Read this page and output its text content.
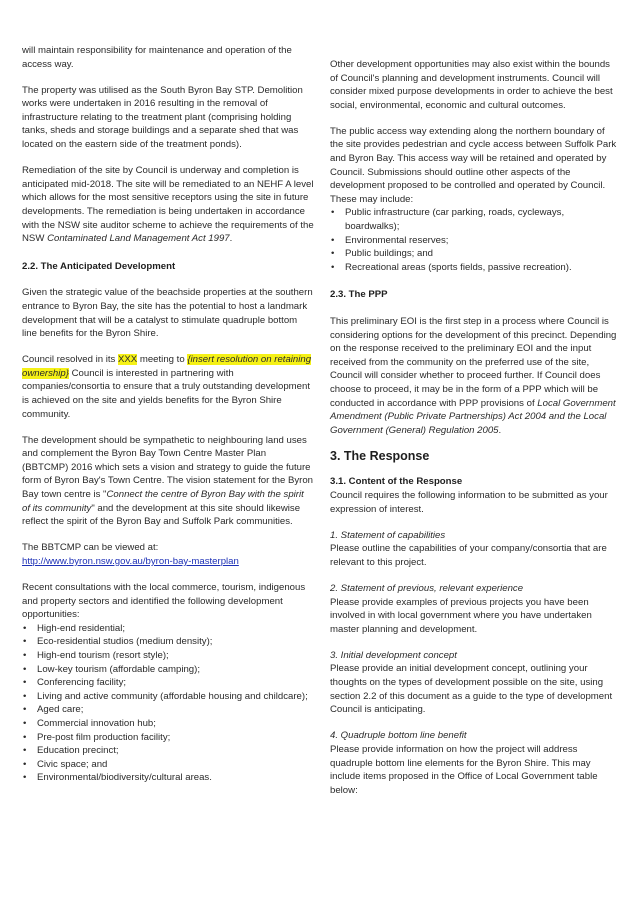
will maintain responsibility for maintenance and operation of the access way.

The property was utilised as the South Byron Bay STP. Demolition works were undertaken in 2016 resulting in the removal of infrastructure relating to the treatment plant (comprising holding tanks, sheds and storage buildings and a separate shed that was located on the eastern side of the treatment ponds).

Remediation of the site by Council is underway and completion is anticipated mid-2018. The site will be remediated to an NEHF A level which allows for the most sensitive receptors using the site in future developments. The remediation is being undertaken in accordance with the NSW site auditor scheme to achieve the requirements of the NSW Contaminated Land Management Act 1997.

2.2. The Anticipated Development

Given the strategic value of the beachside properties at the southern entrance to Byron Bay, the site has the potential to host a landmark development that will be a catalyst to stimulate quadruple bottom line benefits for the Byron Shire.

Council resolved in its XXX meeting to {insert resolution on retaining ownership} Council is interested in partnering with companies/consortia to ensure that a truly outstanding development is achieved on the site and yields benefits for the Byron Shire community.

The development should be sympathetic to neighbouring land uses and complement the Byron Bay Town Centre Master Plan (BBTCMP) 2016 which sets a vision and strategy to guide the future form of Byron Bay's Town Centre. The vision statement for the Byron Bay town centre is "Connect the centre of Byron Bay with the spirit of its community" and the development at this site should likewise reflect the spirit of the Byron Bay and Suffolk Park communities.

The BBTCMP can be viewed at:
http://www.byron.nsw.gov.au/byron-bay-masterplan

Recent consultations with the local commerce, tourism, indigenous and property sectors and identified the following development opportunities:

• High-end residential;
• Eco-residential studios (medium density);
• High-end tourism (resort style);
• Low-key tourism (affordable camping);
• Conferencing facility;
• Living and active community (affordable housing and childcare);
• Aged care;
• Commercial innovation hub;
• Pre-post film production facility;
• Education precinct;
• Civic space; and
• Environmental/biodiversity/cultural areas.

Other development opportunities may also exist within the bounds of Council's planning and development instruments. Council will consider mixed purpose developments in order to achieve the best social, environmental, economic and cultural outcomes.

The public access way extending along the northern boundary of the site provides pedestrian and cycle access between Suffolk Park and Byron Bay. This access way will be retained and operated by Council. Submissions should outline other aspects of the development proposed to be controlled and operated by Council. These may include:

• Public infrastructure (car parking, roads, cycleways, boardwalks);
• Environmental reserves;
• Public buildings; and
• Recreational areas (sports fields, passive recreation).
2.3. The PPP

This preliminary EOI is the first step in a process where Council is considering options for the development of this precinct. Depending on the response received to the preliminary EOI and the input received from the community on the preferred use of the site, Council will consider whether to proceed further. If Council does choose to proceed, it may be in the form of a PPP which will be conducted in accordance with PPP provisions of Local Government Amendment (Public Private Partnerships) Act 2004 and the Local Government (General) Regulation 2005.

3. The Response
3.1. Content of the Response

Council requires the following information to be submitted as your expression of interest.

1. Statement of capabilities

Please outline the capabilities of your company/consortia that are relevant to this project.

2. Statement of previous, relevant experience

Please provide examples of previous projects you have been involved in with local government where you have undertaken master planning and development.

3. Initial development concept

Please provide an initial development concept, outlining your thoughts on the types of development possible on the site, using section 2.2 of this document as a guide to the type of development Council is anticipating.

4. Quadruple bottom line benefit

Please provide information on how the project will address quadruple bottom line elements for the Byron Shire. This may include items proposed in the Office of Local Government table below:
